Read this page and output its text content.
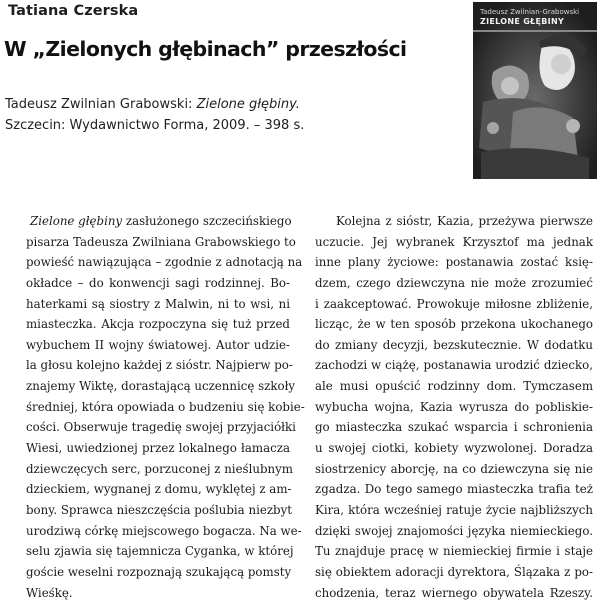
Tatiana Czerska
W „Zielonych głębinach” przeszłości
Tadeusz Zwilnian Grabowski: Zielone głębiny.
Szczecin: Wydawnictwo Forma, 2009. – 398 s.
Tadeusz Zwilnian-Grabowski
ZIELONE GŁĘBINY
Zielone głębiny zasłużonego szczecińskiego
pisarza Tadeusza Zwilniana Grabowskiego to
powieść nawiązująca – zgodnie z adnotacją na
okładce – do konwencji sagi rodzinnej. Bo-
haterkami są siostry z Malwin, ni to wsi, ni
miasteczka. Akcja rozpoczyna się tuż przed
wybuchem II wojny światowej. Autor udzie-
la głosu kolejno każdej z sióstr. Najpierw po-
znajemy Wiktę, dorastającą uczennicę szkoły
średniej, która opowiada o budzeniu się kobie-
cości. Obserwuje tragedię swojej przyjaciółki
Wiesi, uwiedzionej przez lokalnego łamacza
dziewczęcych serc, porzuconej z nieślubnym
dzieckiem, wygnanej z domu, wyklętej z am-
bony. Sprawca nieszczęścia poślubia niezbyt
urodziwą córkę miejscowego bogacza. Na we-
selu zjawia się tajemnicza Cyganka, w której
goście weselni rozpoznają szukającą pomsty
Wieśkę.
Kolejna z sióstr, Kazia, przeżywa pierwsze
uczucie. Jej wybranek Krzysztof ma jednak
inne plany życiowe: postanawia zostać księ-
dzem, czego dziewczyna nie może zrozumieć
i zaakceptować. Prowokuje miłosne zbliżenie,
licząc, że w ten sposób przekona ukochanego
do zmiany decyzji, bezskutecznie. W dodatku
zachodzi w ciążę, postanawia urodzić dziecko,
ale musi opuścić rodzinny dom. Tymczasem
wybucha wojna, Kazia wyrusza do pobliskie-
go miasteczka szukać wsparcia i schronienia
u swojej ciotki, kobiety wyzwolonej. Doradza
siostrzenicy aborcję, na co dziewczyna się nie
zgadza. Do tego samego miasteczka trafia też
Kira, która wcześniej ratuje życie najbliższych
dzięki swojej znajomości języka niemieckiego.
Tu znajduje pracę w niemieckiej firmie i staje
się obiektem adoracji dyrektora, Ślązaka z po-
chodzenia, teraz wiernego obywatela Rzeszy.
